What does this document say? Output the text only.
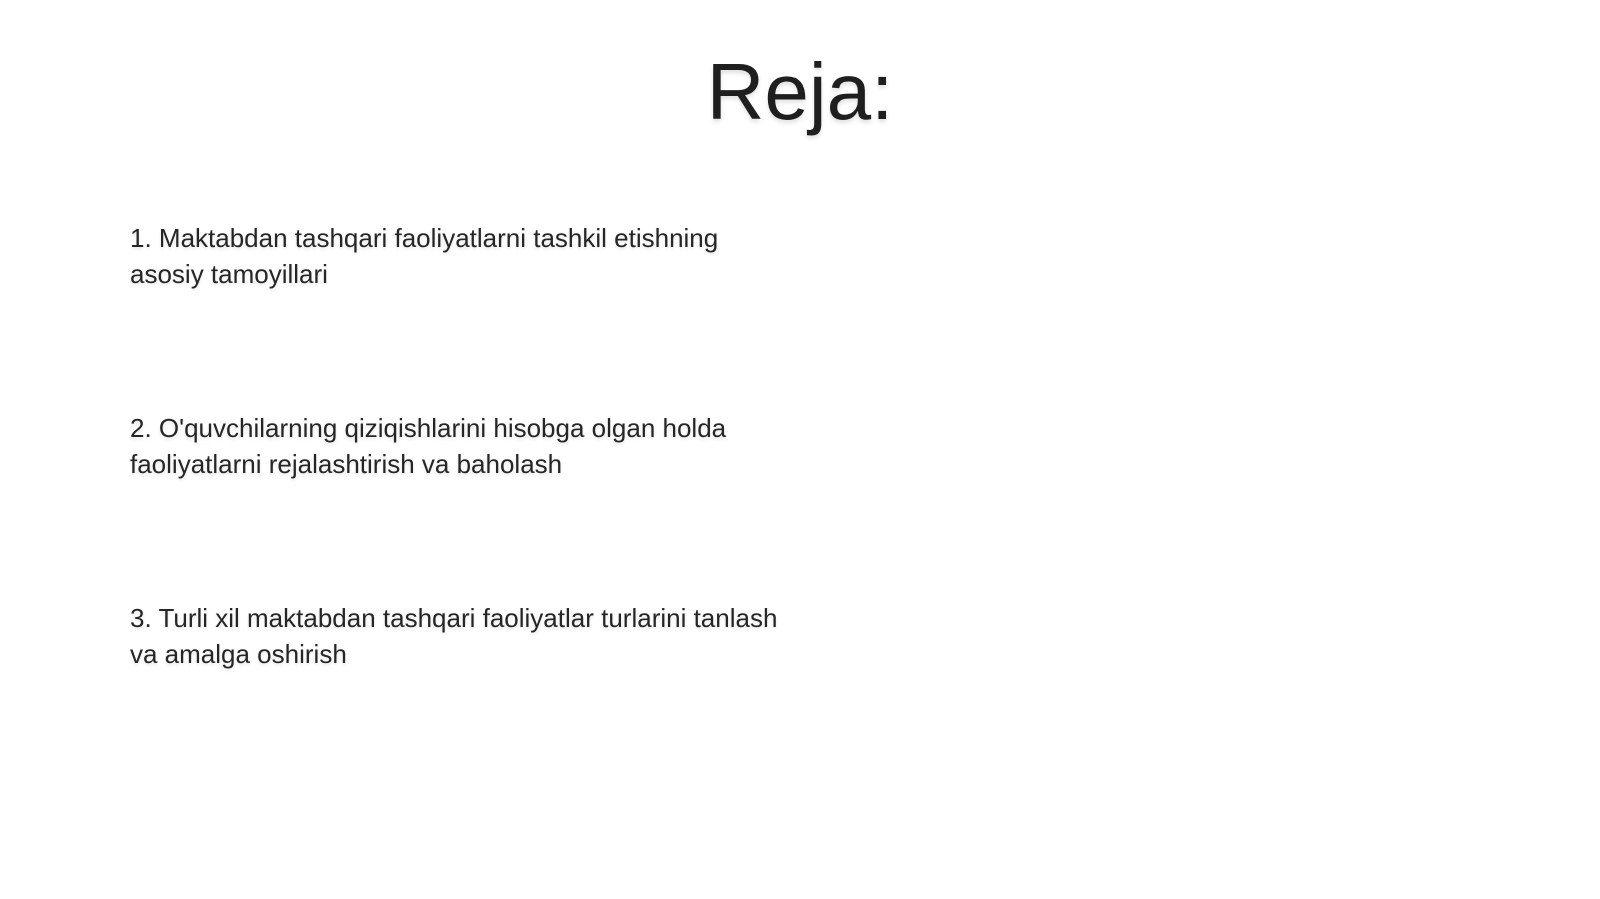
Reja:

1. Maktabdan tashqari faoliyatlarni tashkil etishning asosiy tamoyillari

2. O'quvchilarning qiziqishlarini hisobga olgan holda faoliyatlarni rejalashtirish va baholash

3. Turli xil maktabdan tashqari faoliyatlar turlarini tanlash va amalga oshirish
